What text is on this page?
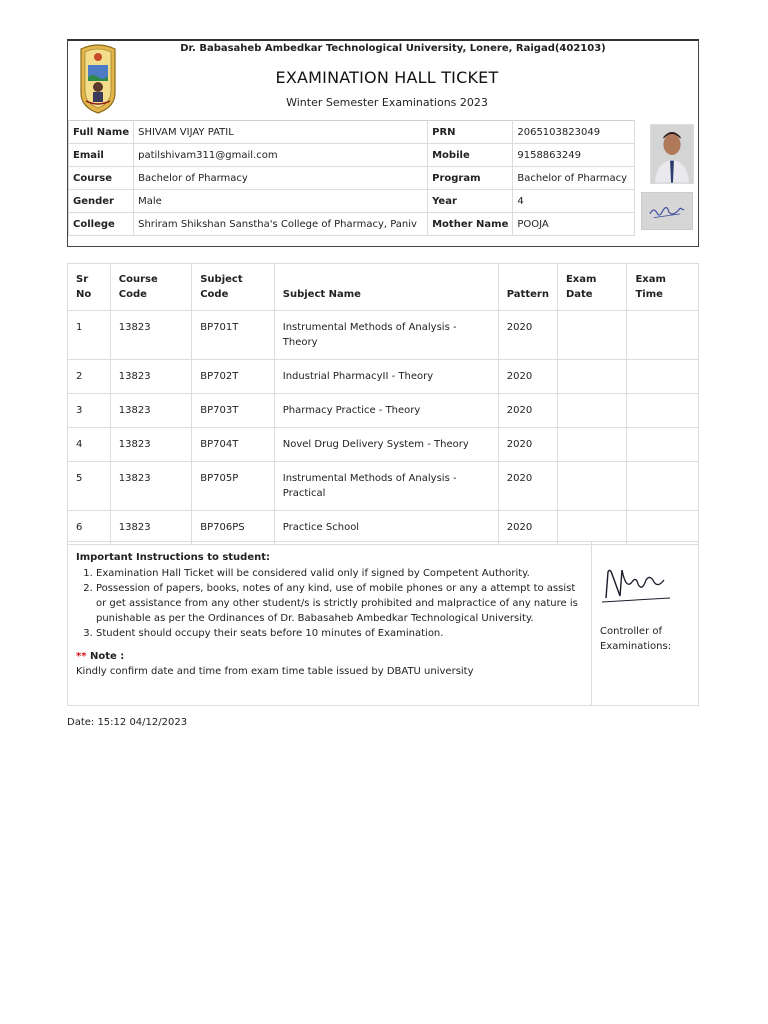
Dr. Babasaheb Ambedkar Technological University, Lonere, Raigad(402103)
EXAMINATION HALL TICKET
Winter Semester Examinations 2023
Full Name	SHIVAM VIJAY PATIL	PRN	2065103823049
Email	patilshivam311@gmail.com	Mobile	9158863249
Course	Bachelor of Pharmacy	Program	Bachelor of Pharmacy
Gender	Male	Year	4
College	Shriram Shikshan Sanstha's College of Pharmacy, Paniv	Mother Name	POOJA
Sr No	Course Code	Subject Code	Subject Name	Pattern	Exam Date	Exam Time
1	13823	BP701T	Instrumental Methods of Analysis - Theory	2020		
2	13823	BP702T	Industrial PharmacyII - Theory	2020		
3	13823	BP703T	Pharmacy Practice - Theory	2020		
4	13823	BP704T	Novel Drug Delivery System - Theory	2020		
5	13823	BP705P	Instrumental Methods of Analysis - Practical	2020		
6	13823	BP706PS	Practice School	2020		
Important Instructions to student:
1. Examination Hall Ticket will be considered valid only if signed by Competent Authority.
2. Possession of papers, books, notes of any kind, use of mobile phones or any a attempt to assist or get assistance from any other student/s is strictly prohibited and malpractice of any nature is punishable as per the Ordinances of Dr. Babasaheb Ambedkar Technological University.
3. Student should occupy their seats before 10 minutes of Examination.
** Note :
Kindly confirm date and time from exam time table issued by DBATU university
Controller of Examinations:
Date: 15:12 04/12/2023
